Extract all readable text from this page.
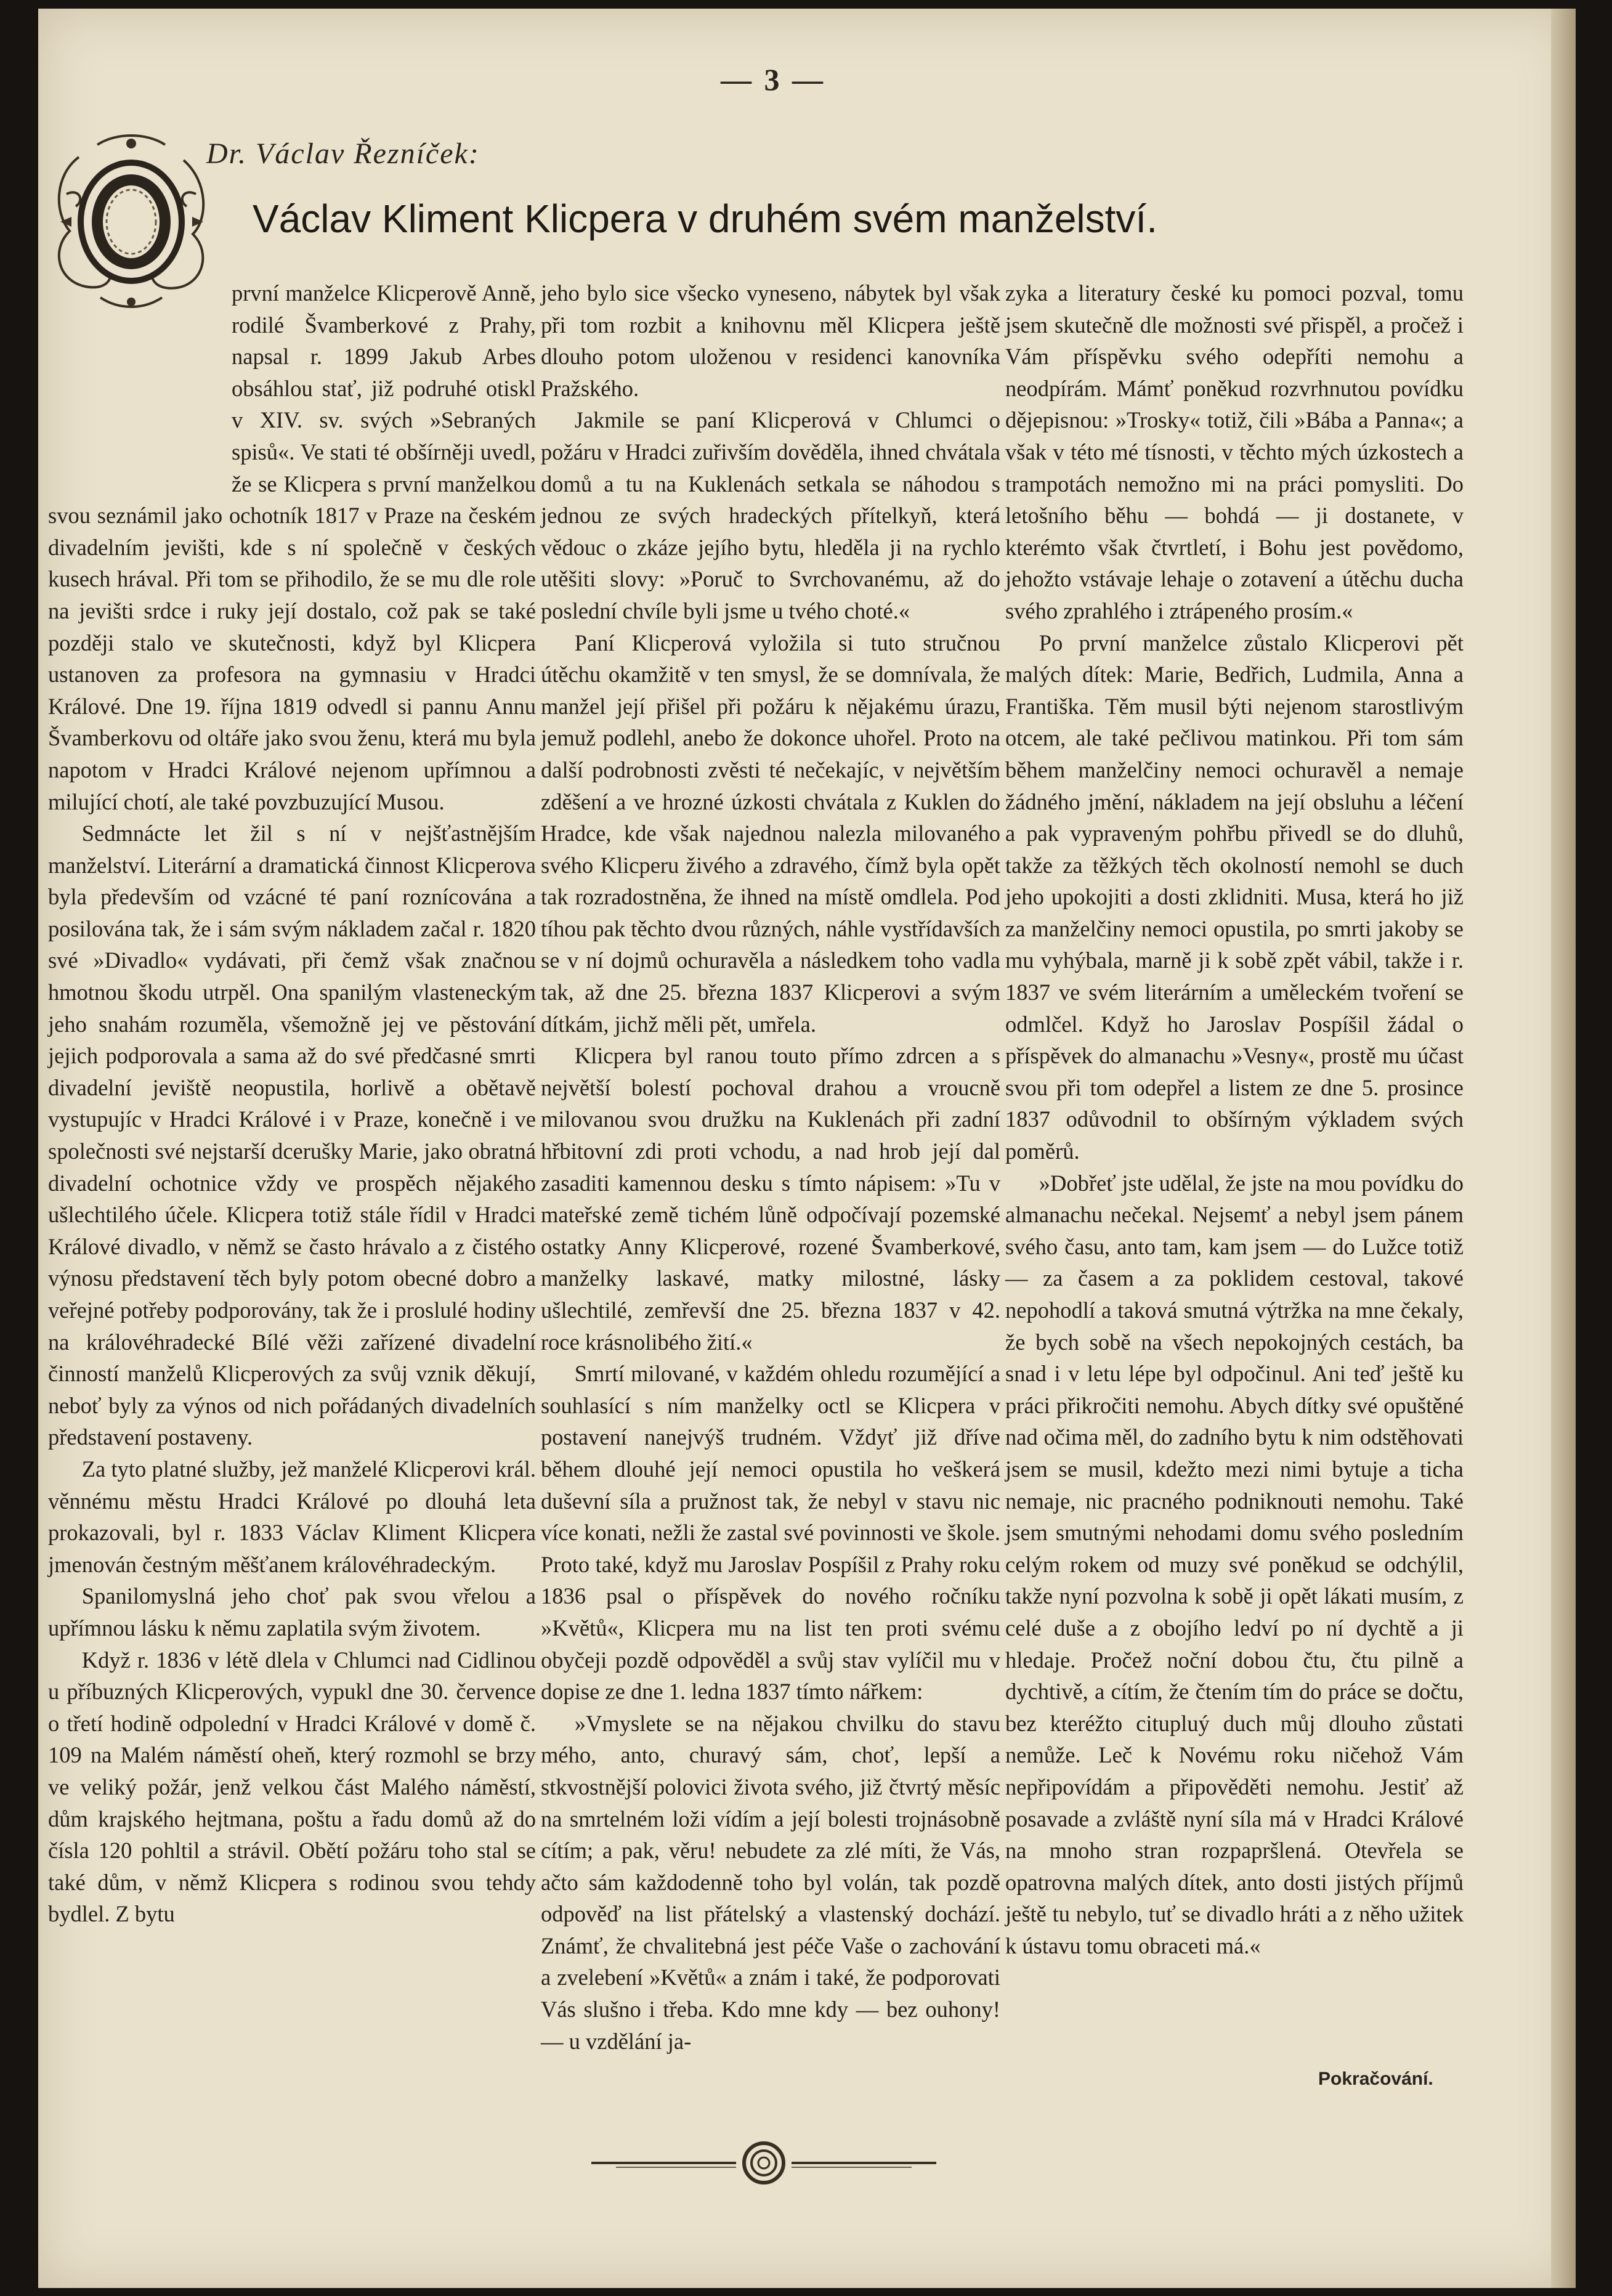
— 3 —
Dr. Václav Řezníček:
Václav Kliment Klicpera v druhém svém manželství.

první manželce Klicperově Anně, rodilé Švamberkové z Prahy, napsal r. 1899 Jakub Arbes obsáhlou stať, již podruhé otiskl v XIV. sv. svých »Sebraných spisů«. Ve stati té obšírněji uvedl, že se Klicpera s první manželkou svou seznámil jako ochotník 1817 v Praze na českém divadelním jevišti, kde s ní společně v českých kusech hrával. Při tom se přihodilo, že se mu dle role na jevišti srdce i ruky její dostalo, což pak se také později stalo ve skutečnosti, když byl Klicpera ustanoven za profesora na gymnasiu v Hradci Králové. Dne 19. října 1819 odvedl si pannu Annu Švamberkovu od oltáře jako svou ženu, která mu byla napotom v Hradci Králové nejenom upřímnou a milující chotí, ale také povzbuzující Musou.

Sedmnácte let žil s ní v nejšťastnějším manželství. Literární a dramatická činnost Klicperova byla především od vzácné té paní roznícována a posilována tak, že i sám svým nákladem začal r. 1820 své »Divadlo« vydávati, při čemž však značnou hmotnou škodu utrpěl. Ona spanilým vlasteneckým jeho snahám rozuměla, všemožně jej ve pěstování jejich podporovala a sama až do své předčasné smrti divadelní jeviště neopustila, horlivě a obětavě vystupujíc v Hradci Králové i v Praze, konečně i ve společnosti své nejstarší dcerušky Marie, jako obratná divadelní ochotnice vždy ve prospěch nějakého ušlechtilého účele. Klicpera totiž stále řídil v Hradci Králové divadlo, v němž se často hrávalo a z čistého výnosu představení těch byly potom obecné dobro a veřejné potřeby podporovány, tak že i proslulé hodiny na královéhradecké Bílé věži zařízené divadelní činností manželů Klicperových za svůj vznik děkují, neboť byly za výnos od nich pořádaných divadelních představení postaveny.

Za tyto platné služby, jež manželé Klicperovi král. věnnému městu Hradci Králové po dlouhá leta prokazovali, byl r. 1833 Václav Kliment Klicpera jmenován čestným měšťanem královéhradeckým.

Spanilomyslná jeho choť pak svou vřelou a upřímnou lásku k němu zaplatila svým životem.

Když r. 1836 v létě dlela v Chlumci nad Cidlinou u příbuzných Klicperových, vypukl dne 30. července o třetí hodině odpolední v Hradci Králové v domě č. 109 na Malém náměstí oheň, který rozmohl se brzy ve veliký požár, jenž velkou část Malého náměstí, dům krajského hejtmana, poštu a řadu domů až do čísla 120 pohltil a strávil. Obětí požáru toho stal se také dům, v němž Klicpera s rodinou svou tehdy bydlel. Z bytu

jeho bylo sice všecko vyneseno, nábytek byl však při tom rozbit a knihovnu měl Klicpera ještě dlouho potom uloženou v residenci kanovníka Pražského.

Jakmile se paní Klicperová v Chlumci o požáru v Hradci zuřivším dověděla, ihned chvátala domů a tu na Kuklenách setkala se náhodou s jednou ze svých hradeckých přítelkyň, která vědouc o zkáze jejího bytu, hleděla ji na rychlo utěšiti slovy: »Poruč to Svrchovanému, až do poslední chvíle byli jsme u tvého choté.«

Paní Klicperová vyložila si tuto stručnou útěchu okamžitě v ten smysl, že se domnívala, že manžel její přišel při požáru k nějakému úrazu, jemuž podlehl, anebo že dokonce uhořel. Proto na další podrobnosti zvěsti té nečekajíc, v největším zděšení a ve hrozné úzkosti chvátala z Kuklen do Hradce, kde však najednou nalezla milovaného svého Klicperu živého a zdravého, čímž byla opět tak rozradostněna, že ihned na místě omdlela. Pod tíhou pak těchto dvou různých, náhle vystřídavších se v ní dojmů ochuravěla a následkem toho vadla tak, až dne 25. března 1837 Klicperovi a svým dítkám, jichž měli pět, umřela.

Klicpera byl ranou touto přímo zdrcen a s největší bolestí pochoval drahou a vroucně milovanou svou družku na Kuklenách při zadní hřbitovní zdi proti vchodu, a nad hrob její dal zasaditi kamennou desku s tímto nápisem: »Tu v mateřské země tichém lůně odpočívají pozemské ostatky Anny Klicperové, rozené Švamberkové, manželky laskavé, matky milostné, lásky ušlechtilé, zemřevší dne 25. března 1837 v 42. roce krásnolibého žití.«

Smrtí milované, v každém ohledu rozumějící a souhlasící s ním manželky octl se Klicpera v postavení nanejvýš trudném. Vždyť již dříve během dlouhé její nemoci opustila ho veškerá duševní síla a pružnost tak, že nebyl v stavu nic více konati, nežli že zastal své povinnosti ve škole. Proto také, když mu Jaroslav Pospíšil z Prahy roku 1836 psal o příspěvek do nového ročníku »Květů«, Klicpera mu na list ten proti svému obyčeji pozdě odpověděl a svůj stav vylíčil mu v dopise ze dne 1. ledna 1837 tímto nářkem:

»Vmyslete se na nějakou chvilku do stavu mého, anto, churavý sám, choť, lepší a stkvostnější polovici života svého, již čtvrtý měsíc na smrtelném loži vídím a její bolesti trojnásobně cítím; a pak, věru! nebudete za zlé míti, že Vás, ačto sám každodenně toho byl volán, tak pozdě odpověď na list přátelský a vlastenský dochází. Známť, že chvalitebná jest péče Vaše o zachování a zvelebení »Květů« a znám i také, že podporovati Vás slušno i třeba. Kdo mne kdy — bez ouhony! — u vzdělání ja-

zyka a literatury české ku pomoci pozval, tomu jsem skutečně dle možnosti své přispěl, a pročež i Vám příspěvku svého odepříti nemohu a neodpírám. Mámť poněkud rozvrhnutou povídku dějepisnou: »Trosky« totiž, čili »Bába a Panna«; a však v této mé tísnosti, v těchto mých úzkostech a trampotách nemožno mi na práci pomysliti. Do letošního běhu — bohdá — ji dostanete, v kterémto však čtvrtletí, i Bohu jest povědomo, jehožto vstávaje lehaje o zotavení a útěchu ducha svého zprahlého i ztrápeného prosím.«

Po první manželce zůstalo Klicperovi pět malých dítek: Marie, Bedřich, Ludmila, Anna a Františka. Těm musil býti nejenom starostlivým otcem, ale také pečlivou matinkou. Při tom sám během manželčiny nemoci ochuravěl a nemaje žádného jmění, nákladem na její obsluhu a léčení a pak vypraveným pohřbu přivedl se do dluhů, takže za těžkých těch okolností nemohl se duch jeho upokojiti a dosti zklidniti. Musa, která ho již za manželčiny nemoci opustila, po smrti jakoby se mu vyhýbala, marně ji k sobě zpět vábil, takže i r. 1837 ve svém literárním a uměleckém tvoření se odmlčel. Když ho Jaroslav Pospíšil žádal o příspěvek do almanachu »Vesny«, prostě mu účast svou při tom odepřel a listem ze dne 5. prosince 1837 odůvodnil to obšírným výkladem svých poměrů.

»Dobřeť jste udělal, že jste na mou povídku do almanachu nečekal. Nejsemť a nebyl jsem pánem svého času, anto tam, kam jsem — do Lužce totiž — za časem a za poklidem cestoval, takové nepohodlí a taková smutná výtržka na mne čekaly, že bych sobě na všech nepokojných cestách, ba snad i v letu lépe byl odpočinul. Ani teď ještě ku práci přikročiti nemohu. Abych dítky své opuštěné nad očima měl, do zadního bytu k nim odstěhovati jsem se musil, kdežto mezi nimi bytuje a ticha nemaje, nic pracného podniknouti nemohu. Také jsem smutnými nehodami domu svého posledním celým rokem od muzy své poněkud se odchýlil, takže nyní pozvolna k sobě ji opět lákati musím, z celé duše a z obojího ledví po ní dychtě a ji hledaje. Pročež noční dobou čtu, čtu pilně a dychtivě, a cítím, že čtením tím do práce se dočtu, bez kteréžto citupluý duch můj dlouho zůstati nemůže. Leč k Novému roku ničehož Vám nepřipovídám a připověděti nemohu. Jestiť až posavade a zvláště nyní síla má v Hradci Králové na mnoho stran rozpapršlená. Otevřela se opatrovna malých dítek, anto dosti jistých příjmů ještě tu nebylo, tuť se divadlo hráti a z něho užitek k ústavu tomu obraceti má.«

Pokračování.
